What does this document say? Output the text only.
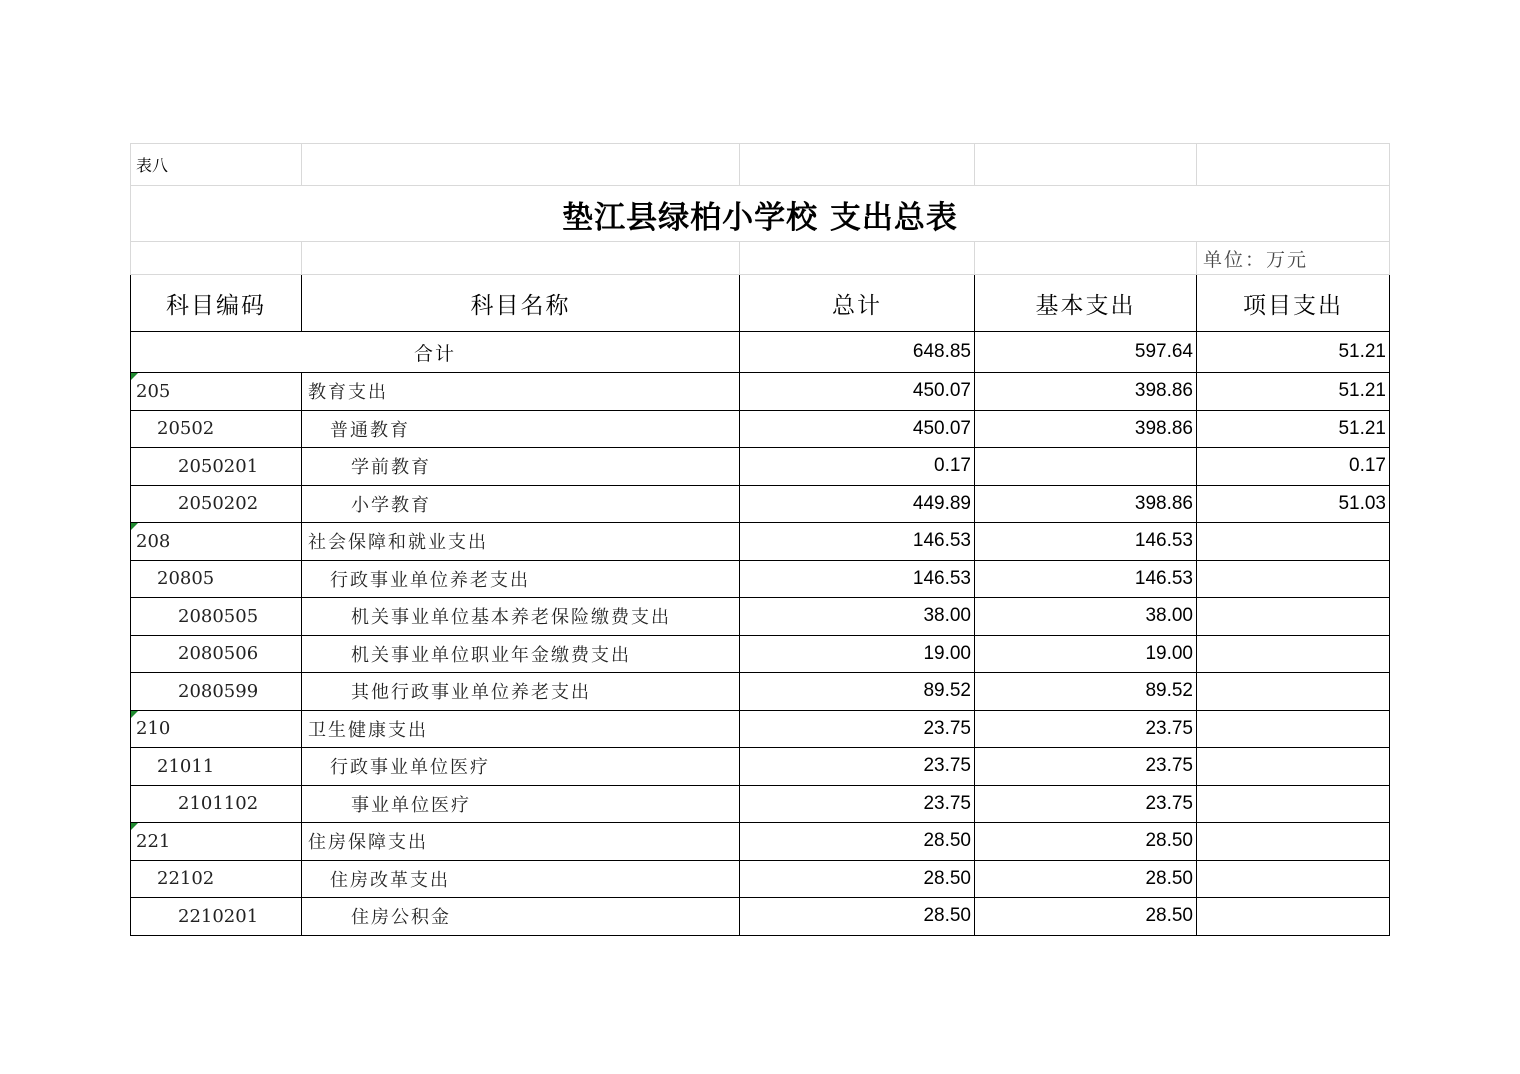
表八				
垫江县绿柏小学校 支出总表				
				单位：万元
科目编码	科目名称	总计	基本支出	项目支出
合计		648.85	597.64	51.21
205	教育支出	450.07	398.86	51.21
20502	普通教育	450.07	398.86	51.21
2050201	学前教育	0.17		0.17
2050202	小学教育	449.89	398.86	51.03
208	社会保障和就业支出	146.53	146.53	
20805	行政事业单位养老支出	146.53	146.53	
2080505	机关事业单位基本养老保险缴费支出	38.00	38.00	
2080506	机关事业单位职业年金缴费支出	19.00	19.00	
2080599	其他行政事业单位养老支出	89.52	89.52	
210	卫生健康支出	23.75	23.75	
21011	行政事业单位医疗	23.75	23.75	
2101102	事业单位医疗	23.75	23.75	
221	住房保障支出	28.50	28.50	
22102	住房改革支出	28.50	28.50	
2210201	住房公积金	28.50	28.50	
